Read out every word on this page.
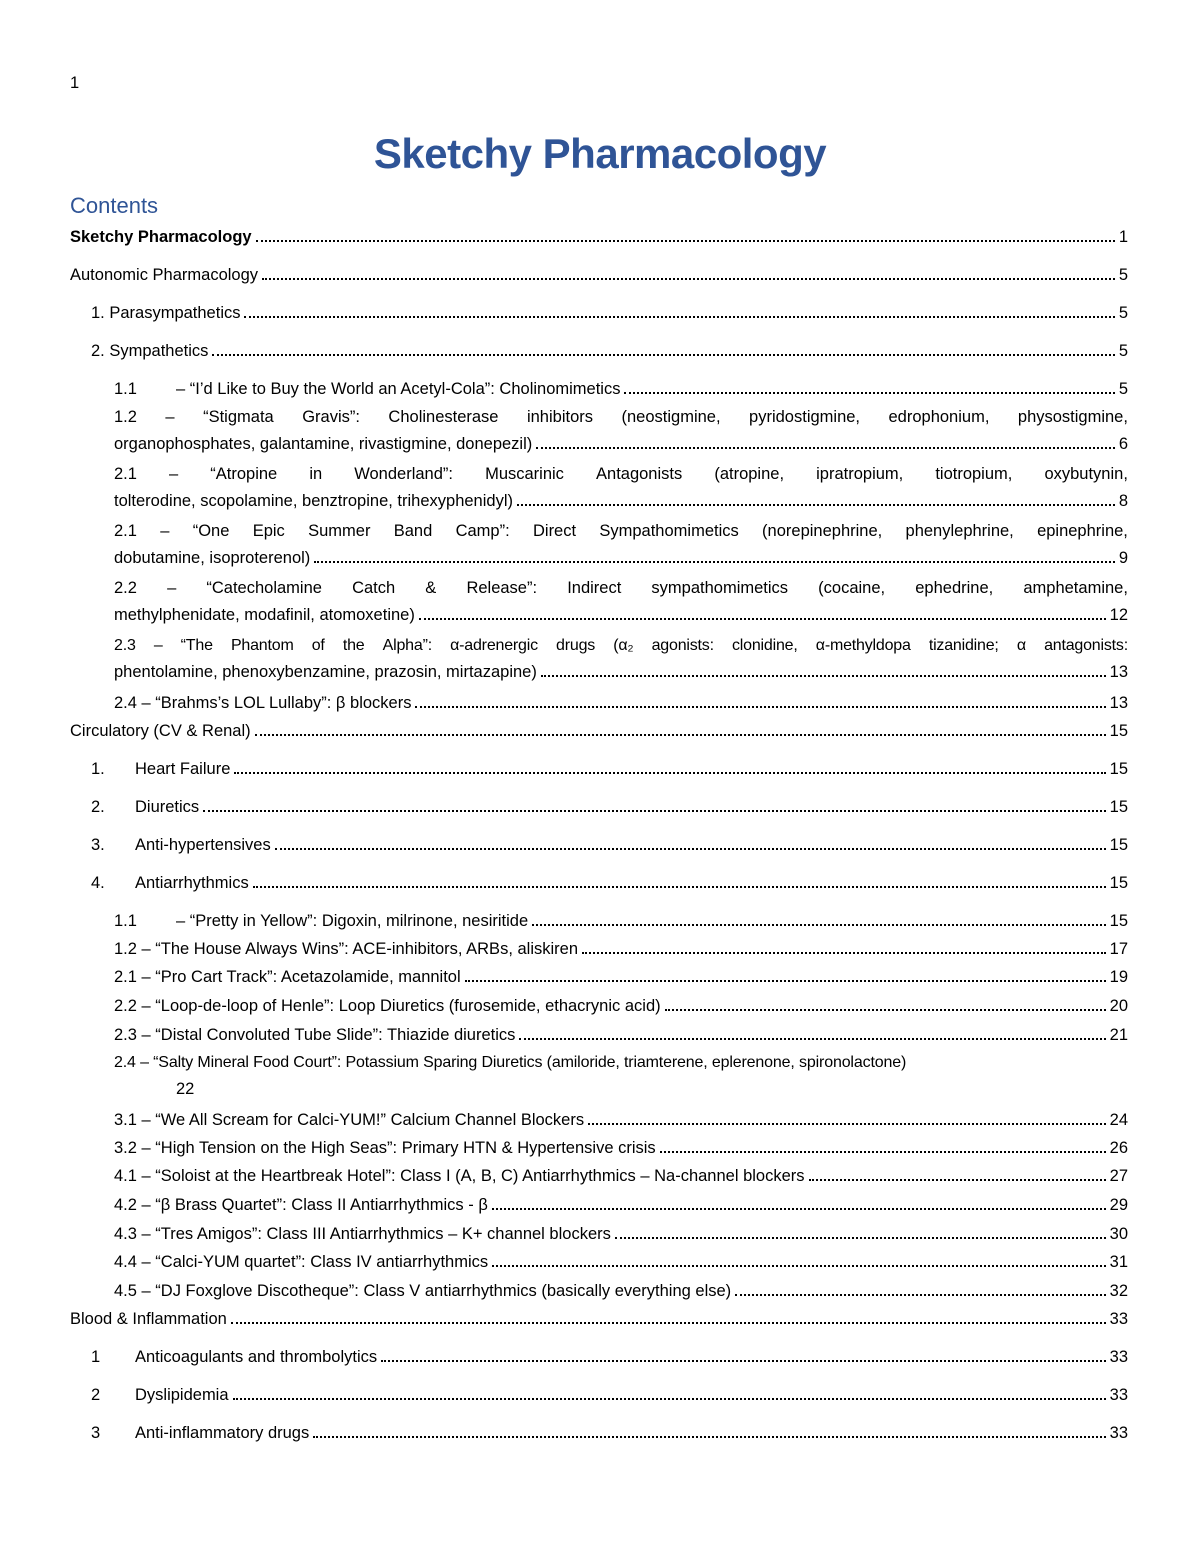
1
Sketchy Pharmacology
Contents
Sketchy Pharmacology	1
Autonomic Pharmacology	5
1. Parasympathetics	5
2. Sympathetics	5
1.1	– “I’d Like to Buy the World an Acetyl-Cola”: Cholinomimetics	5
1.2 – “Stigmata Gravis”: Cholinesterase inhibitors (neostigmine, pyridostigmine, edrophonium, physostigmine,
organophosphates, galantamine, rivastigmine, donepezil)	6
2.1 – “Atropine in Wonderland”: Muscarinic Antagonists (atropine, ipratropium, tiotropium, oxybutynin,
tolterodine, scopolamine, benztropine, trihexyphenidyl)	8
2.1 – “One Epic Summer Band Camp”: Direct Sympathomimetics (norepinephrine, phenylephrine, epinephrine,
dobutamine, isoproterenol)	9
2.2 – “Catecholamine Catch & Release”: Indirect sympathomimetics (cocaine, ephedrine, amphetamine,
methylphenidate, modafinil, atomoxetine)	12
2.3 – “The Phantom of the Alpha”: α-adrenergic drugs (α₂ agonists: clonidine, α-methyldopa tizanidine; α antagonists:
phentolamine, phenoxybenzamine, prazosin, mirtazapine)	13
2.4 – “Brahms’s LOL Lullaby”: β blockers	13
Circulatory (CV & Renal)	15
1.	Heart Failure	15
2.	Diuretics	15
3.	Anti-hypertensives	15
4.	Antiarrhythmics	15
1.1	– “Pretty in Yellow”: Digoxin, milrinone, nesiritide	15
1.2 – “The House Always Wins”: ACE-inhibitors, ARBs, aliskiren	17
2.1 – “Pro Cart Track”: Acetazolamide, mannitol	19
2.2 – “Loop-de-loop of Henle”: Loop Diuretics (furosemide, ethacrynic acid)	20
2.3 – “Distal Convoluted Tube Slide”: Thiazide diuretics	21
2.4 – “Salty Mineral Food Court”: Potassium Sparing Diuretics (amiloride, triamterene, eplerenone, spironolactone)
22
3.1 – “We All Scream for Calci-YUM!” Calcium Channel Blockers	24
3.2 – “High Tension on the High Seas”: Primary HTN & Hypertensive crisis	26
4.1 – “Soloist at the Heartbreak Hotel”: Class I (A, B, C) Antiarrhythmics – Na-channel blockers	27
4.2 – “β Brass Quartet”: Class II Antiarrhythmics - β	29
4.3 – “Tres Amigos”: Class III Antiarrhythmics – K+ channel blockers	30
4.4 – “Calci-YUM quartet”: Class IV antiarrhythmics	31
4.5 – “DJ Foxglove Discotheque”: Class V antiarrhythmics (basically everything else)	32
Blood & Inflammation	33
1	Anticoagulants and thrombolytics	33
2	Dyslipidemia	33
3	Anti-inflammatory drugs	33
